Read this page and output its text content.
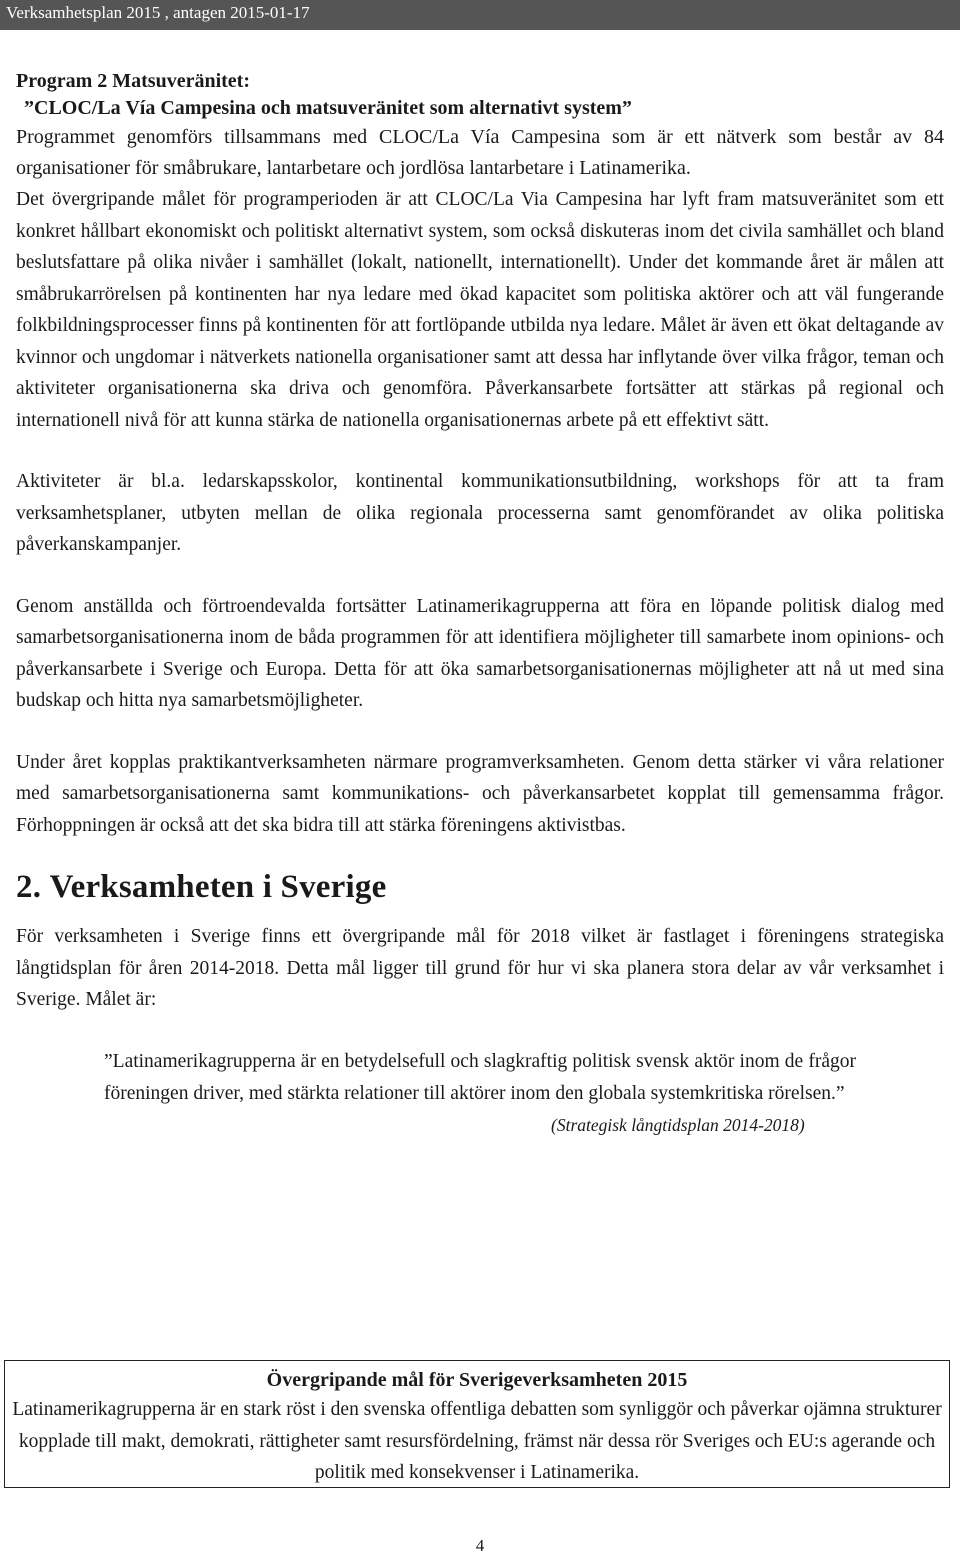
Verksamhetsplan 2015 , antagen 2015-01-17

Program 2 Matsuveränitet:

”CLOC/La Vía Campesina och matsuveränitet som alternativt system”

Programmet genomförs tillsammans med CLOC/La Vía Campesina som är ett nätverk som består av 84 organisationer för småbrukare, lantarbetare och jordlösa lantarbetare i Latinamerika.

Det övergripande målet för programperioden är att CLOC/La Via Campesina har lyft fram matsuveränitet som ett konkret hållbart ekonomiskt och politiskt alternativt system, som också diskuteras inom det civila samhället och bland beslutsfattare på olika nivåer i samhället (lokalt, nationellt, internationellt). Under det kommande året är målen att småbrukarrörelsen på kontinenten har nya ledare med ökad kapacitet som politiska aktörer och att väl fungerande folkbildningsprocesser finns på kontinenten för att fortlöpande utbilda nya ledare. Målet är även ett ökat deltagande av kvinnor och ungdomar i nätverkets nationella organisationer samt att dessa har inflytande över vilka frågor, teman och aktiviteter organisationerna ska driva och genomföra. Påverkansarbete fortsätter att stärkas på regional och internationell nivå för att kunna stärka de nationella organisationernas arbete på ett effektivt sätt.

Aktiviteter är bl.a. ledarskapsskolor, kontinental kommunikationsutbildning, workshops för att ta fram verksamhetsplaner, utbyten mellan de olika regionala processerna samt genomförandet av olika politiska påverkanskampanjer.

Genom anställda och förtroendevalda fortsätter Latinamerikagrupperna att föra en löpande politisk dialog med samarbetsorganisationerna inom de båda programmen för att identifiera möjligheter till samarbete inom opinions- och påverkansarbete i Sverige och Europa. Detta för att öka samarbetsorganisationernas möjligheter att nå ut med sina budskap och hitta nya samarbetsmöjligheter.

Under året kopplas praktikantverksamheten närmare programverksamheten. Genom detta stärker vi våra relationer med samarbetsorganisationerna samt kommunikations- och påverkansarbetet kopplat till gemensamma frågor. Förhoppningen är också att det ska bidra till att stärka föreningens aktivistbas.

2. Verksamheten i Sverige

För verksamheten i Sverige finns ett övergripande mål för 2018 vilket är fastlaget i föreningens strategiska långtidsplan för åren 2014-2018. Detta mål ligger till grund för hur vi ska planera stora delar av vår verksamhet i Sverige. Målet är:

”Latinamerikagrupperna är en betydelsefull och slagkraftig politisk svensk aktör inom de frågor föreningen driver, med stärkta relationer till aktörer inom den globala systemkritiska rörelsen.”

(Strategisk långtidsplan 2014-2018)

Övergripande mål för Sverigeverksamheten 2015

Latinamerikagrupperna är en stark röst i den svenska offentliga debatten som synliggör och påverkar ojämna strukturer kopplade till makt, demokrati, rättigheter samt resursfördelning, främst när dessa rör Sveriges och EU:s agerande och politik med konsekvenser i Latinamerika.

4
